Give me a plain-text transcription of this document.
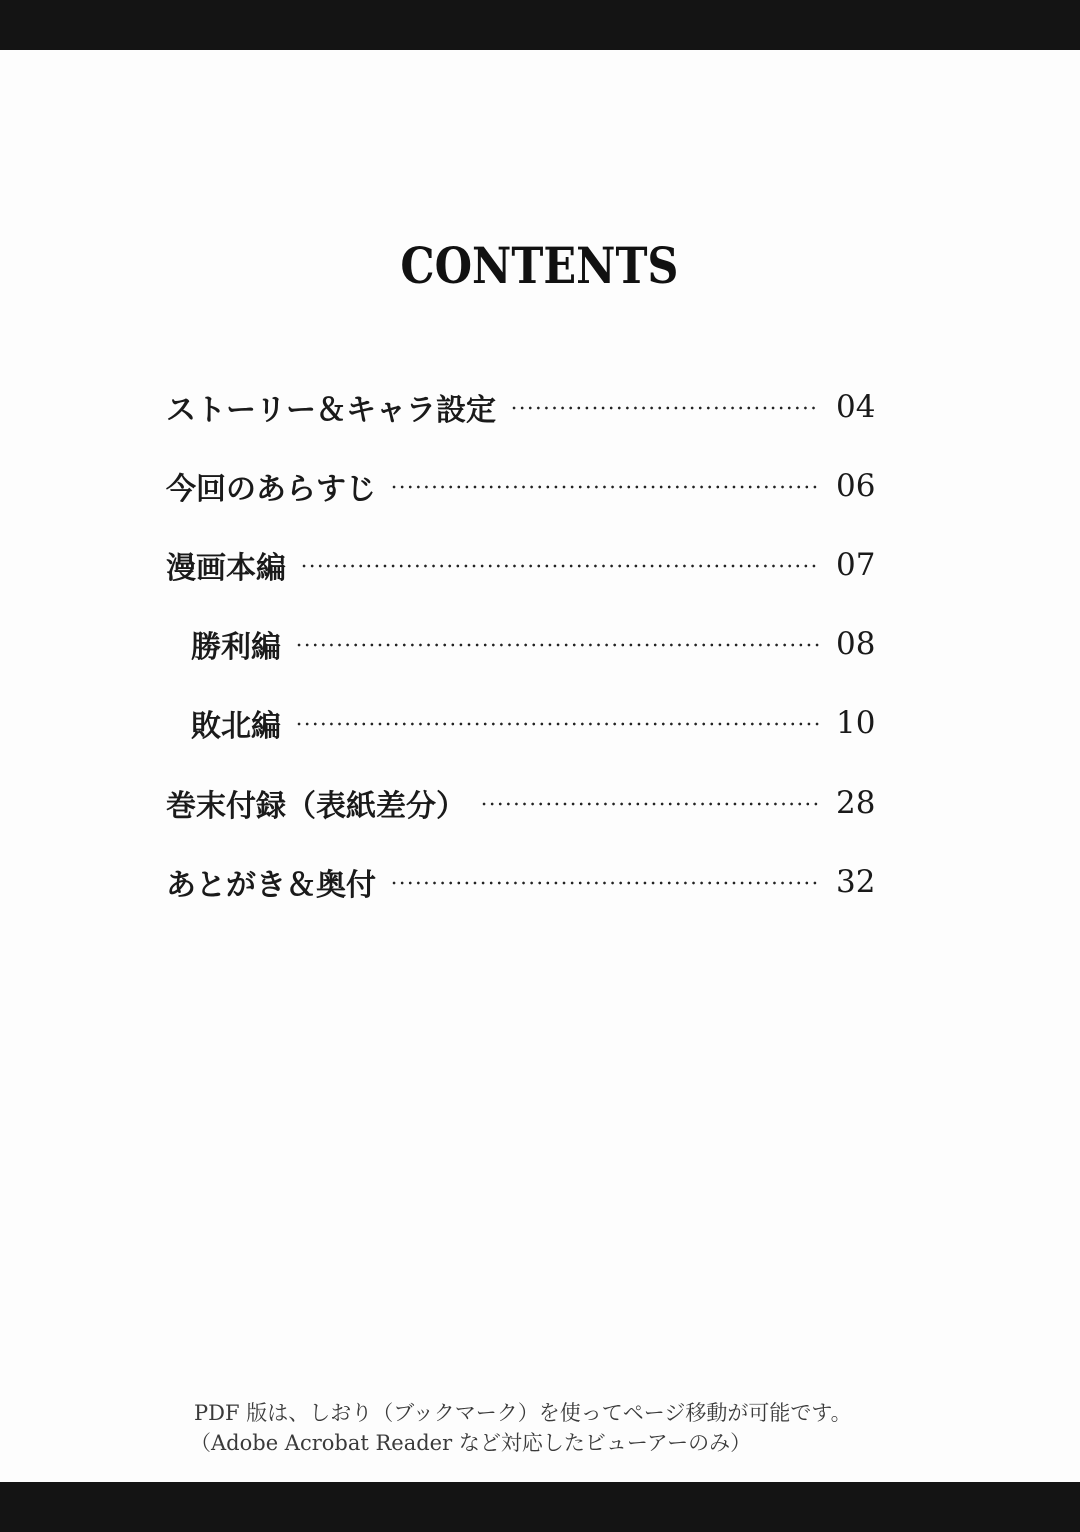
CONTENTS
ストーリー＆キャラ設定	04
今回のあらすじ	06
漫画本編	07
勝利編	08
敗北編	10
巻末付録（表紙差分）	28
あとがき＆奥付	32
PDF 版は、しおり（ブックマーク）を使ってページ移動が可能です。
（Adobe Acrobat Reader など対応したビューアーのみ）
